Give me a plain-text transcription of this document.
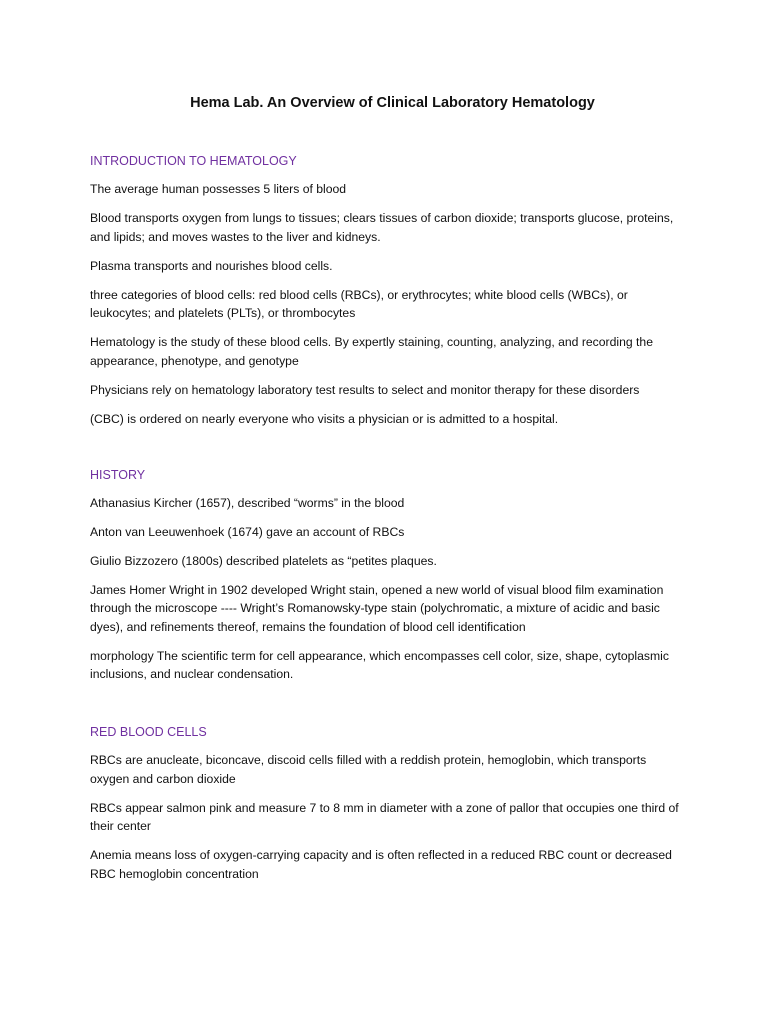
Hema Lab. An Overview of Clinical Laboratory Hematology
INTRODUCTION TO HEMATOLOGY

The average human possesses 5 liters of blood

Blood transports oxygen from lungs to tissues; clears tissues of carbon dioxide; transports glucose, proteins, and lipids; and moves wastes to the liver and kidneys.

Plasma transports and nourishes blood cells.

three categories of blood cells: red blood cells (RBCs), or erythrocytes; white blood cells (WBCs), or leukocytes; and platelets (PLTs), or thrombocytes

Hematology is the study of these blood cells. By expertly staining, counting, analyzing, and recording the appearance, phenotype, and genotype

Physicians rely on hematology laboratory test results to select and monitor therapy for these disorders

(CBC) is ordered on nearly everyone who visits a physician or is admitted to a hospital.

HISTORY

Athanasius Kircher (1657), described “worms” in the blood

Anton van Leeuwenhoek (1674) gave an account of RBCs

Giulio Bizzozero (1800s) described platelets as “petites plaques.

James Homer Wright in 1902 developed Wright stain, opened a new world of visual blood film examination through the microscope ---- Wright’s Romanowsky-type stain (polychromatic, a mixture of acidic and basic dyes), and refinements thereof, remains the foundation of blood cell identification

morphology The scientific term for cell appearance, which encompasses cell color, size, shape, cytoplasmic inclusions, and nuclear condensation.

RED BLOOD CELLS

RBCs are anucleate, biconcave, discoid cells filled with a reddish protein, hemoglobin, which transports oxygen and carbon dioxide

RBCs appear salmon pink and measure 7 to 8 mm in diameter with a zone of pallor that occupies one third of their center

Anemia means loss of oxygen-carrying capacity and is often reflected in a reduced RBC count or decreased RBC hemoglobin concentration
